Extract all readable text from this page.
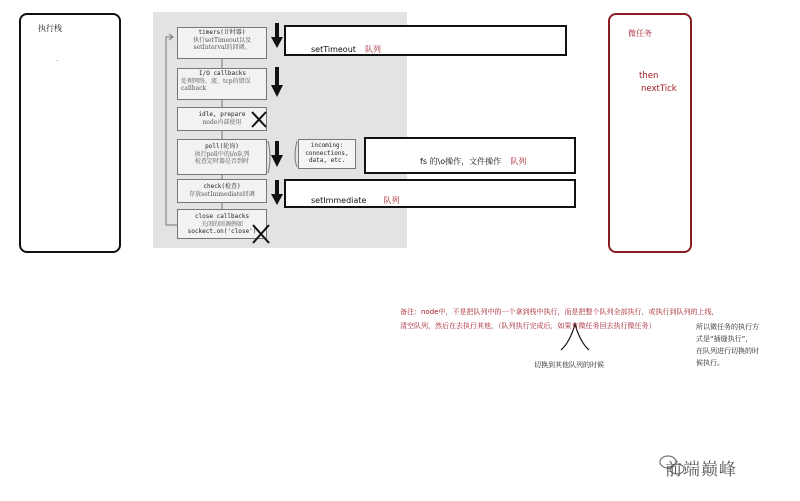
执行栈
.
timers(计时器)

执行setTimeout以及
setInterval的回调。
I/O callbacks

处理网络、流、tcp的错误
callback
idle, prepare

node内部使用
poll(轮询)

执行poll中的i/o队列
检查定时器是否到时
check(检查)

存放setImmediate回调
close callbacks

关闭的回调例如
sockect.on('close')
incoming:
connections,
data, etc.
setTimeout 队列
fs 的\o操作，文件操作 队列
setImmediate 队列
微任务
then
nextTick
备注：node中，不是把队列中的一个拿到栈中执行，而是把整个队列全部执行，或执行到队列的上线，
清空队列，然后在去执行其他，（队列执行完成后，如果有微任务回去执行微任务）
切换到其他队列的时候
所以微任务的执行方
式是“插缝执行”，
在队列进行切换的时
候执行。
前端巅峰
